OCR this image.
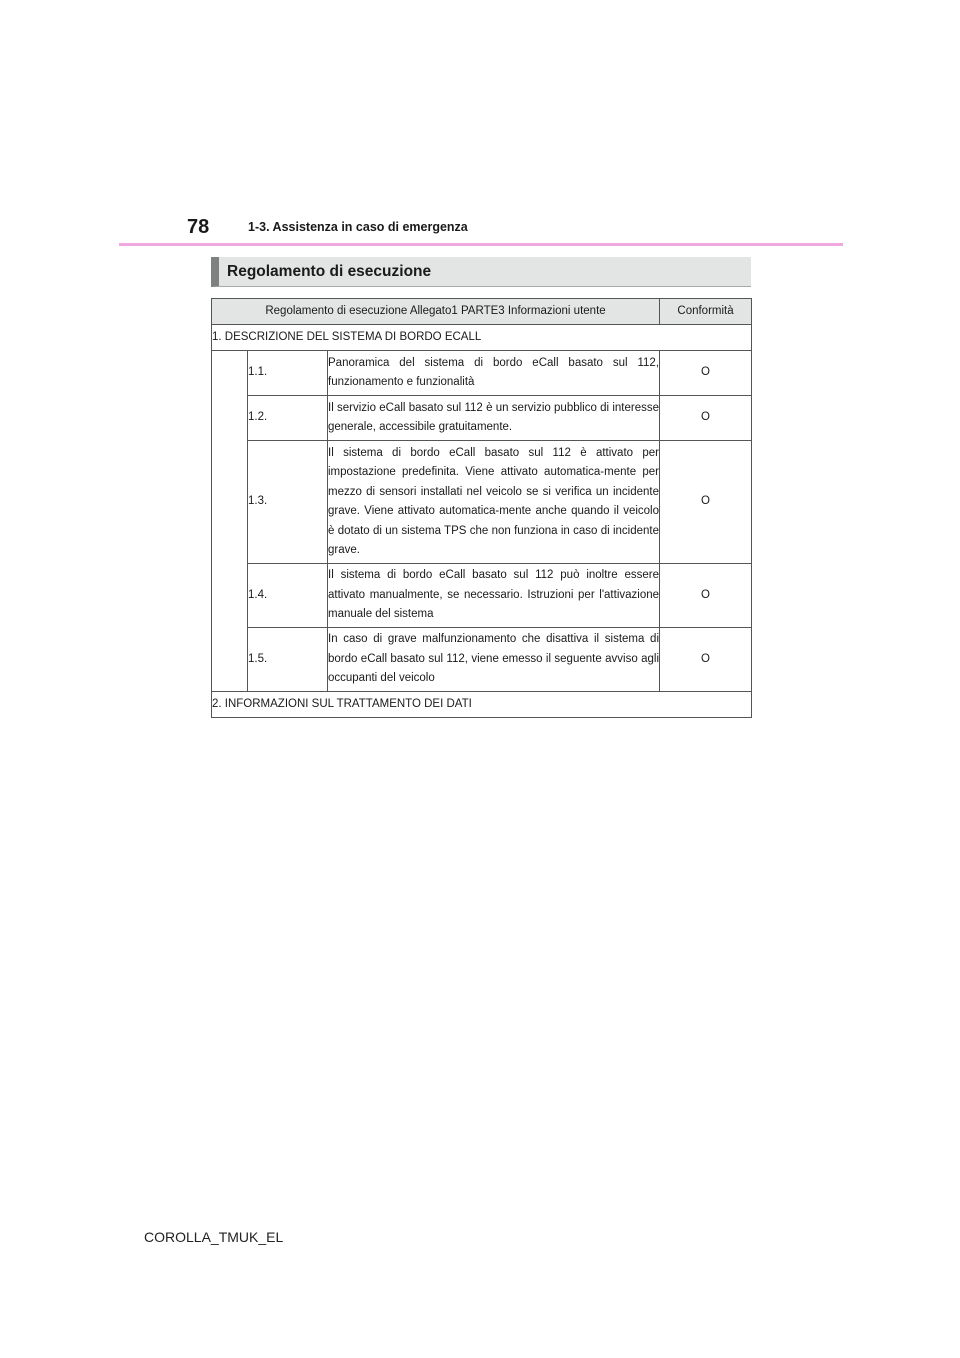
78	1-3. Assistenza in caso di emergenza
Regolamento di esecuzione
Regolamento di esecuzione Allegato1 PARTE3 Informazioni utente			Conformità
1. DESCRIZIONE DEL SISTEMA DI BORDO ECALL			
	1.1.	Panoramica del sistema di bordo eCall basato sul 112, funzionamento e funzionalità	O
	1.2.	Il servizio eCall basato sul 112 è un servizio pubblico di interesse generale, accessibile gratuitamente.	O
	1.3.	Il sistema di bordo eCall basato sul 112 è attivato per impostazione predefinita. Viene attivato automatica-mente per mezzo di sensori installati nel veicolo se si verifica un incidente grave. Viene attivato automatica-mente anche quando il veicolo è dotato di un sistema TPS che non funziona in caso di incidente grave.	O
	1.4.	Il sistema di bordo eCall basato sul 112 può inoltre essere attivato manualmente, se necessario. Istruzioni per l'attivazione manuale del sistema	O
	1.5.	In caso di grave malfunzionamento che disattiva il sistema di bordo eCall basato sul 112, viene emesso il seguente avviso agli occupanti del veicolo	O
2. INFORMAZIONI SUL TRATTAMENTO DEI DATI			
COROLLA_TMUK_EL
